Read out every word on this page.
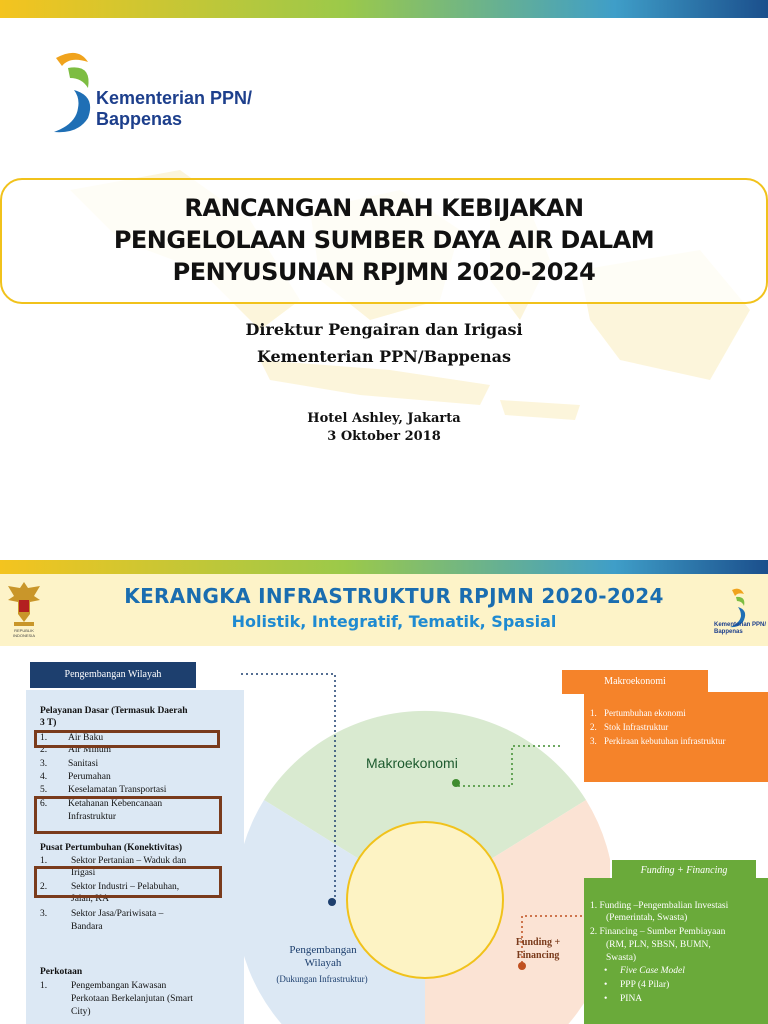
Kementerian PPN/
Bappenas
RANCANGAN ARAH KEBIJAKAN
PENGELOLAAN SUMBER DAYA AIR DALAM
PENYUSUNAN RPJMN 2020-2024
Direktur Pengairan dan Irigasi
Kementerian PPN/Bappenas
Hotel Ashley, Jakarta
3 Oktober 2018
REPUBLIK INDONESIA
KERANGKA INFRASTRUKTUR RPJMN 2020-2024
Holistik, Integratif, Tematik, Spasial	Kementerian PPN/ Bappenas
Pengembangan Wilayah
Pelayanan Dasar (Termasuk Daerah
3 T)
1. Air Baku
2. Air Minum
3. Sanitasi
4. Perumahan
5. Keselamatan Transportasi
6. Ketahanan Kebencanaan
Infrastruktur
Pusat Pertumbuhan (Konektivitas)
1.	Sektor Pertanian – Waduk dan
Irigasi
2.	Sektor Industri – Pelabuhan,
Jalan, KA
3.	Sektor Jasa/Pariwisata –
Bandara
Perkotaan
1.	Pengembangan Kawasan
Perkotaan Berkelanjutan (Smart
City)
Makroekonomi
Pengembangan
Wilayah
(Dukungan Infrastruktur)
Funding +
Financing
Makroekonomi
1. Pertumbuhan ekonomi
2. Stok Infrastruktur
3. Perkiraan kebutuhan infrastruktur
Funding + Financing
1. Funding –Pengembalian Investasi
(Pemerintah, Swasta)
2. Financing – Sumber Pembiayaan
(RM, PLN, SBSN, BUMN,
Swasta)
• Five Case Model
• PPP (4 Pilar)
• PINA
